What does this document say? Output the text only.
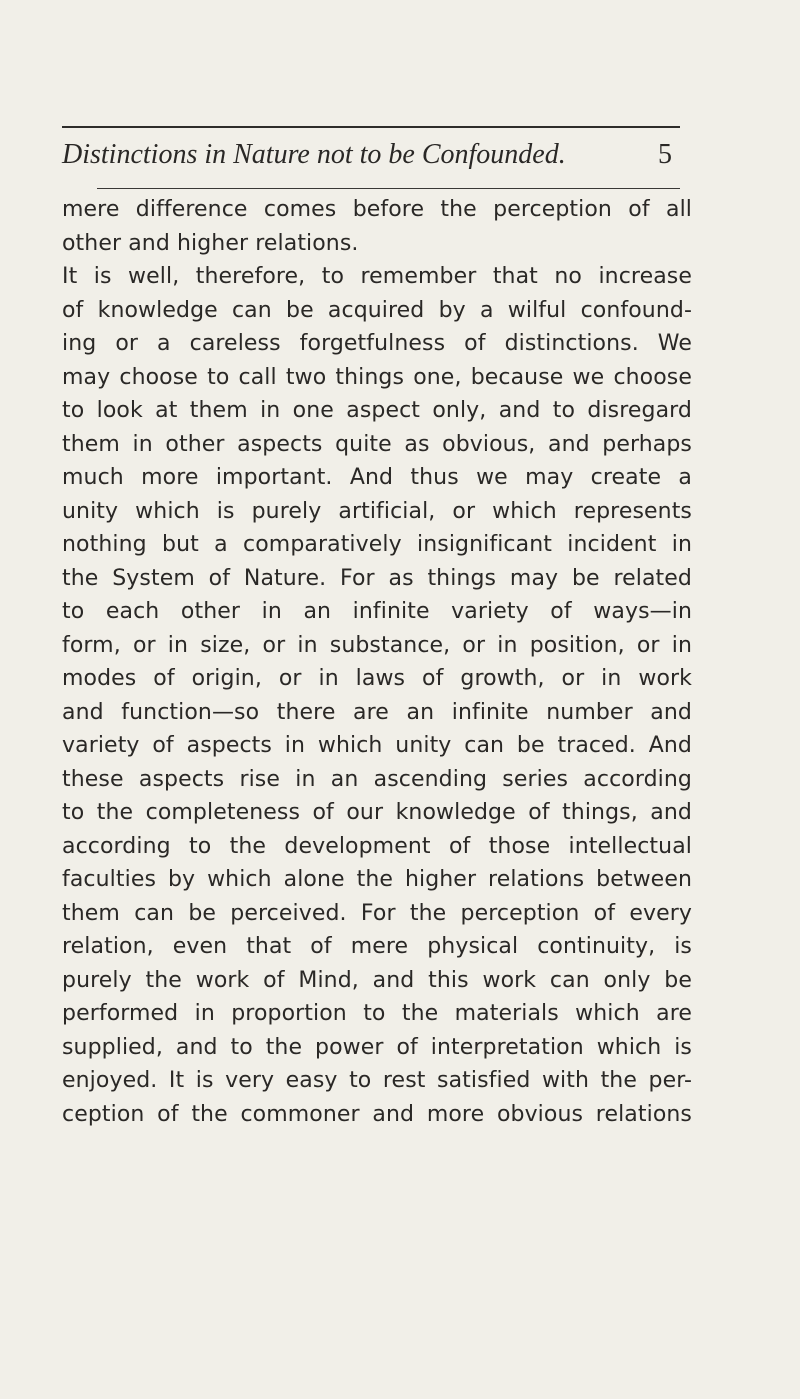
Distinctions in Nature not to be Confounded.	5
mere difference comes before the perception of all
other and higher relations.
It is well, therefore, to remember that no increase
of knowledge can be acquired by a wilful confound-
ing or a careless forgetfulness of distinctions. We
may choose to call two things one, because we choose
to look at them in one aspect only, and to disregard
them in other aspects quite as obvious, and perhaps
much more important. And thus we may create a
unity which is purely artificial, or which represents
nothing but a comparatively insignificant incident in
the System of Nature. For as things may be related
to each other in an infinite variety of ways—in
form, or in size, or in substance, or in position, or in
modes of origin, or in laws of growth, or in work
and function—so there are an infinite number and
variety of aspects in which unity can be traced. And
these aspects rise in an ascending series according
to the completeness of our knowledge of things, and
according to the development of those intellectual
faculties by which alone the higher relations between
them can be perceived. For the perception of every
relation, even that of mere physical continuity, is
purely the work of Mind, and this work can only be
performed in proportion to the materials which are
supplied, and to the power of interpretation which is
enjoyed. It is very easy to rest satisfied with the per-
ception of the commoner and more obvious relations
